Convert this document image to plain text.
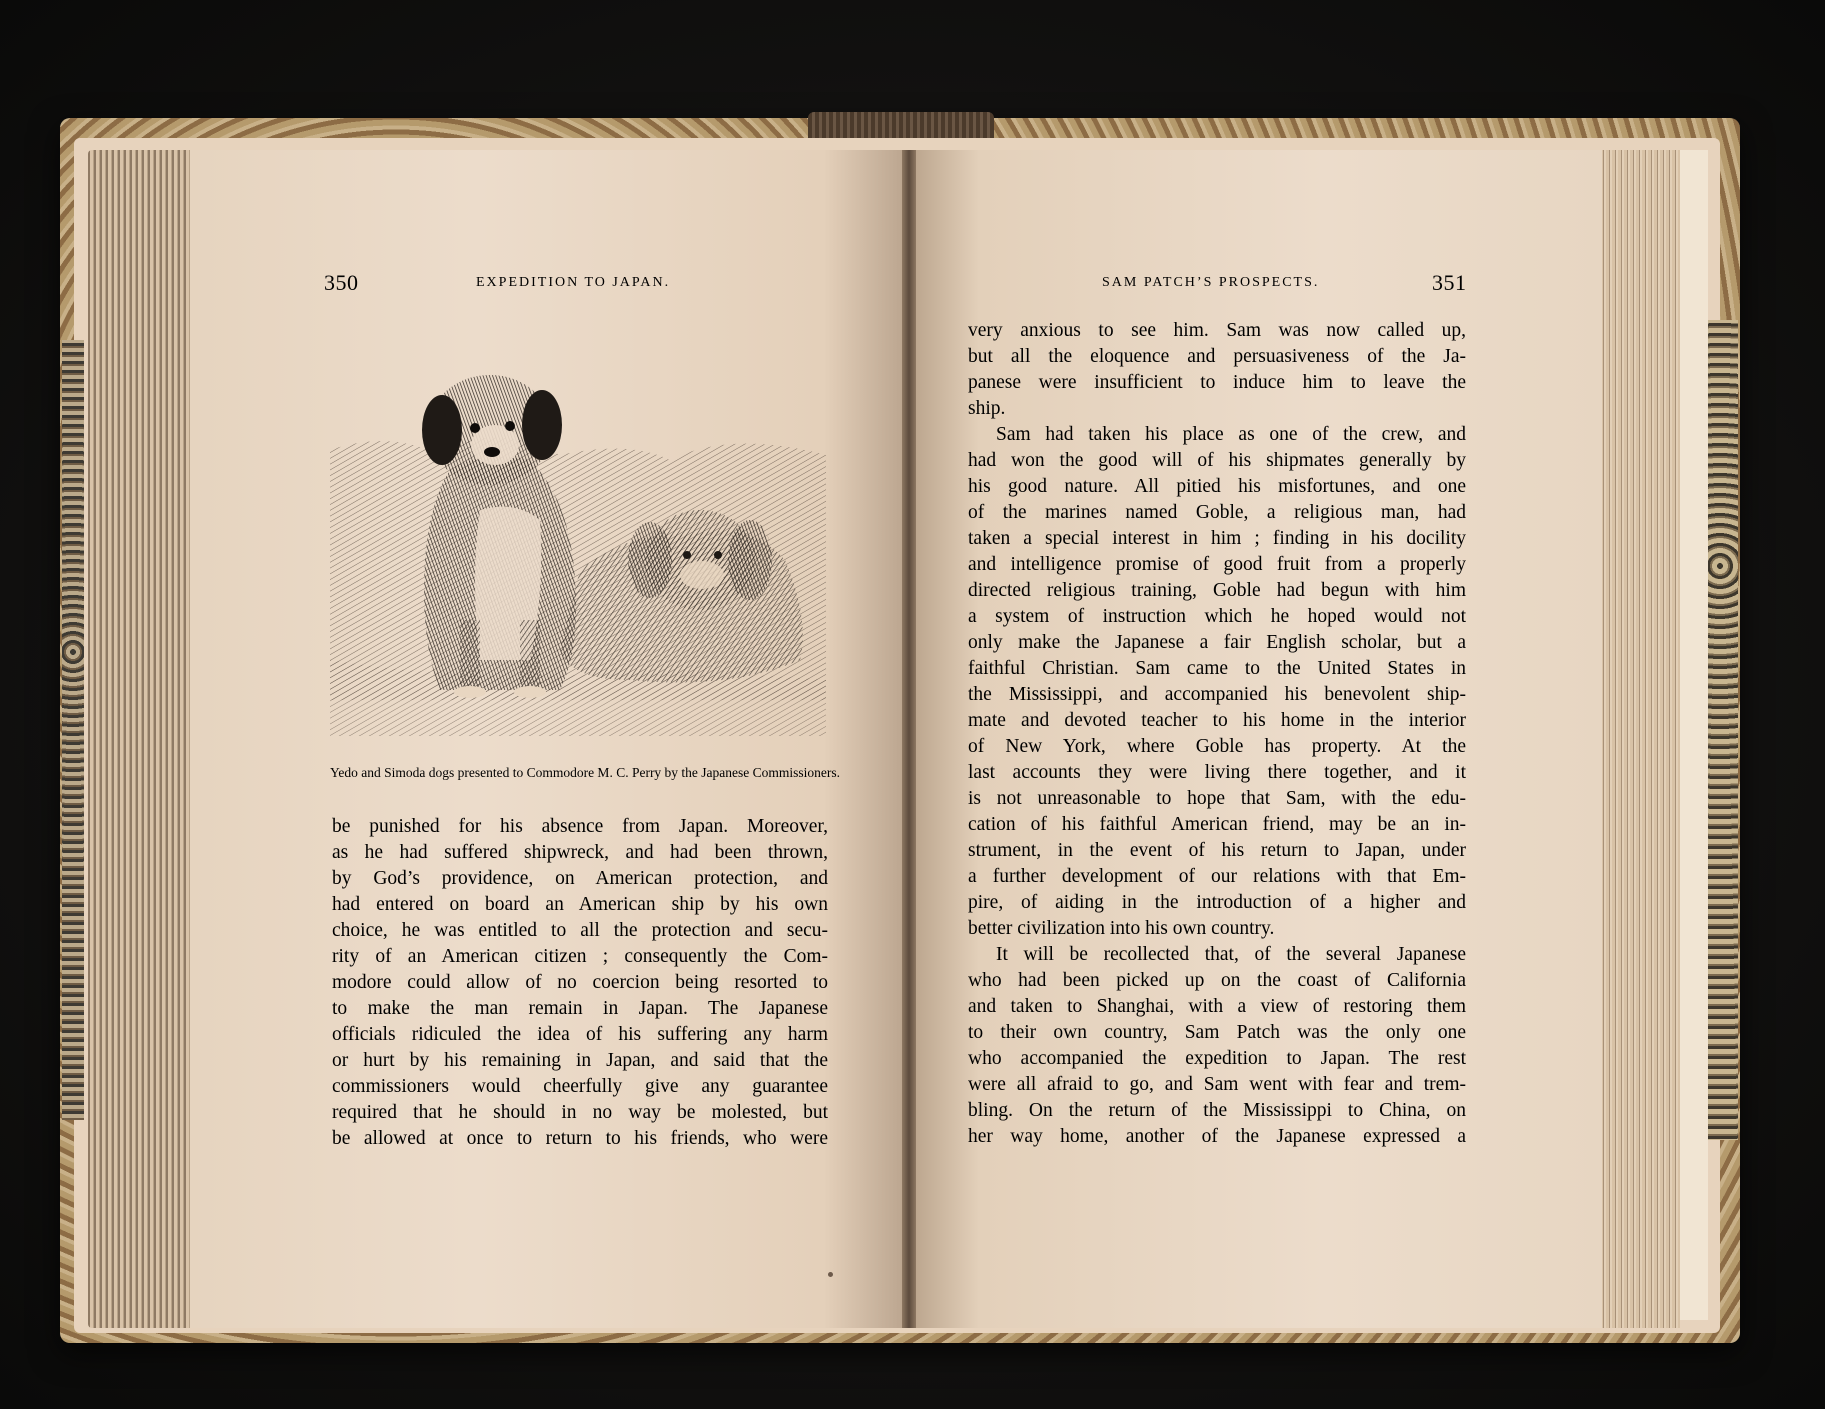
350	EXPEDITION TO JAPAN.
Yedo and Simoda dogs presented to Commodore M. C. Perry by the Japanese Commissioners.
be punished for his absence from Japan. Moreover,
as he had suffered shipwreck, and had been thrown,
by God’s providence, on American protection, and
had entered on board an American ship by his own
choice, he was entitled to all the protection and secu-
rity of an American citizen ; consequently the Com-
modore could allow of no coercion being resorted to
to make the man remain in Japan. The Japanese
officials ridiculed the idea of his suffering any harm
or hurt by his remaining in Japan, and said that the
commissioners would cheerfully give any guarantee
required that he should in no way be molested, but
be allowed at once to return to his friends, who were
SAM PATCH’S PROSPECTS.	351
very anxious to see him. Sam was now called up,
but all the eloquence and persuasiveness of the Ja-
panese were insufficient to induce him to leave the
ship.
Sam had taken his place as one of the crew, and
had won the good will of his shipmates generally by
his good nature. All pitied his misfortunes, and one
of the marines named Goble, a religious man, had
taken a special interest in him ; finding in his docility
and intelligence promise of good fruit from a properly
directed religious training, Goble had begun with him
a system of instruction which he hoped would not
only make the Japanese a fair English scholar, but a
faithful Christian. Sam came to the United States in
the Mississippi, and accompanied his benevolent ship-
mate and devoted teacher to his home in the interior
of New York, where Goble has property. At the
last accounts they were living there together, and it
is not unreasonable to hope that Sam, with the edu-
cation of his faithful American friend, may be an in-
strument, in the event of his return to Japan, under
a further development of our relations with that Em-
pire, of aiding in the introduction of a higher and
better civilization into his own country.
It will be recollected that, of the several Japanese
who had been picked up on the coast of California
and taken to Shanghai, with a view of restoring them
to their own country, Sam Patch was the only one
who accompanied the expedition to Japan. The rest
were all afraid to go, and Sam went with fear and trem-
bling. On the return of the Mississippi to China, on
her way home, another of the Japanese expressed a
